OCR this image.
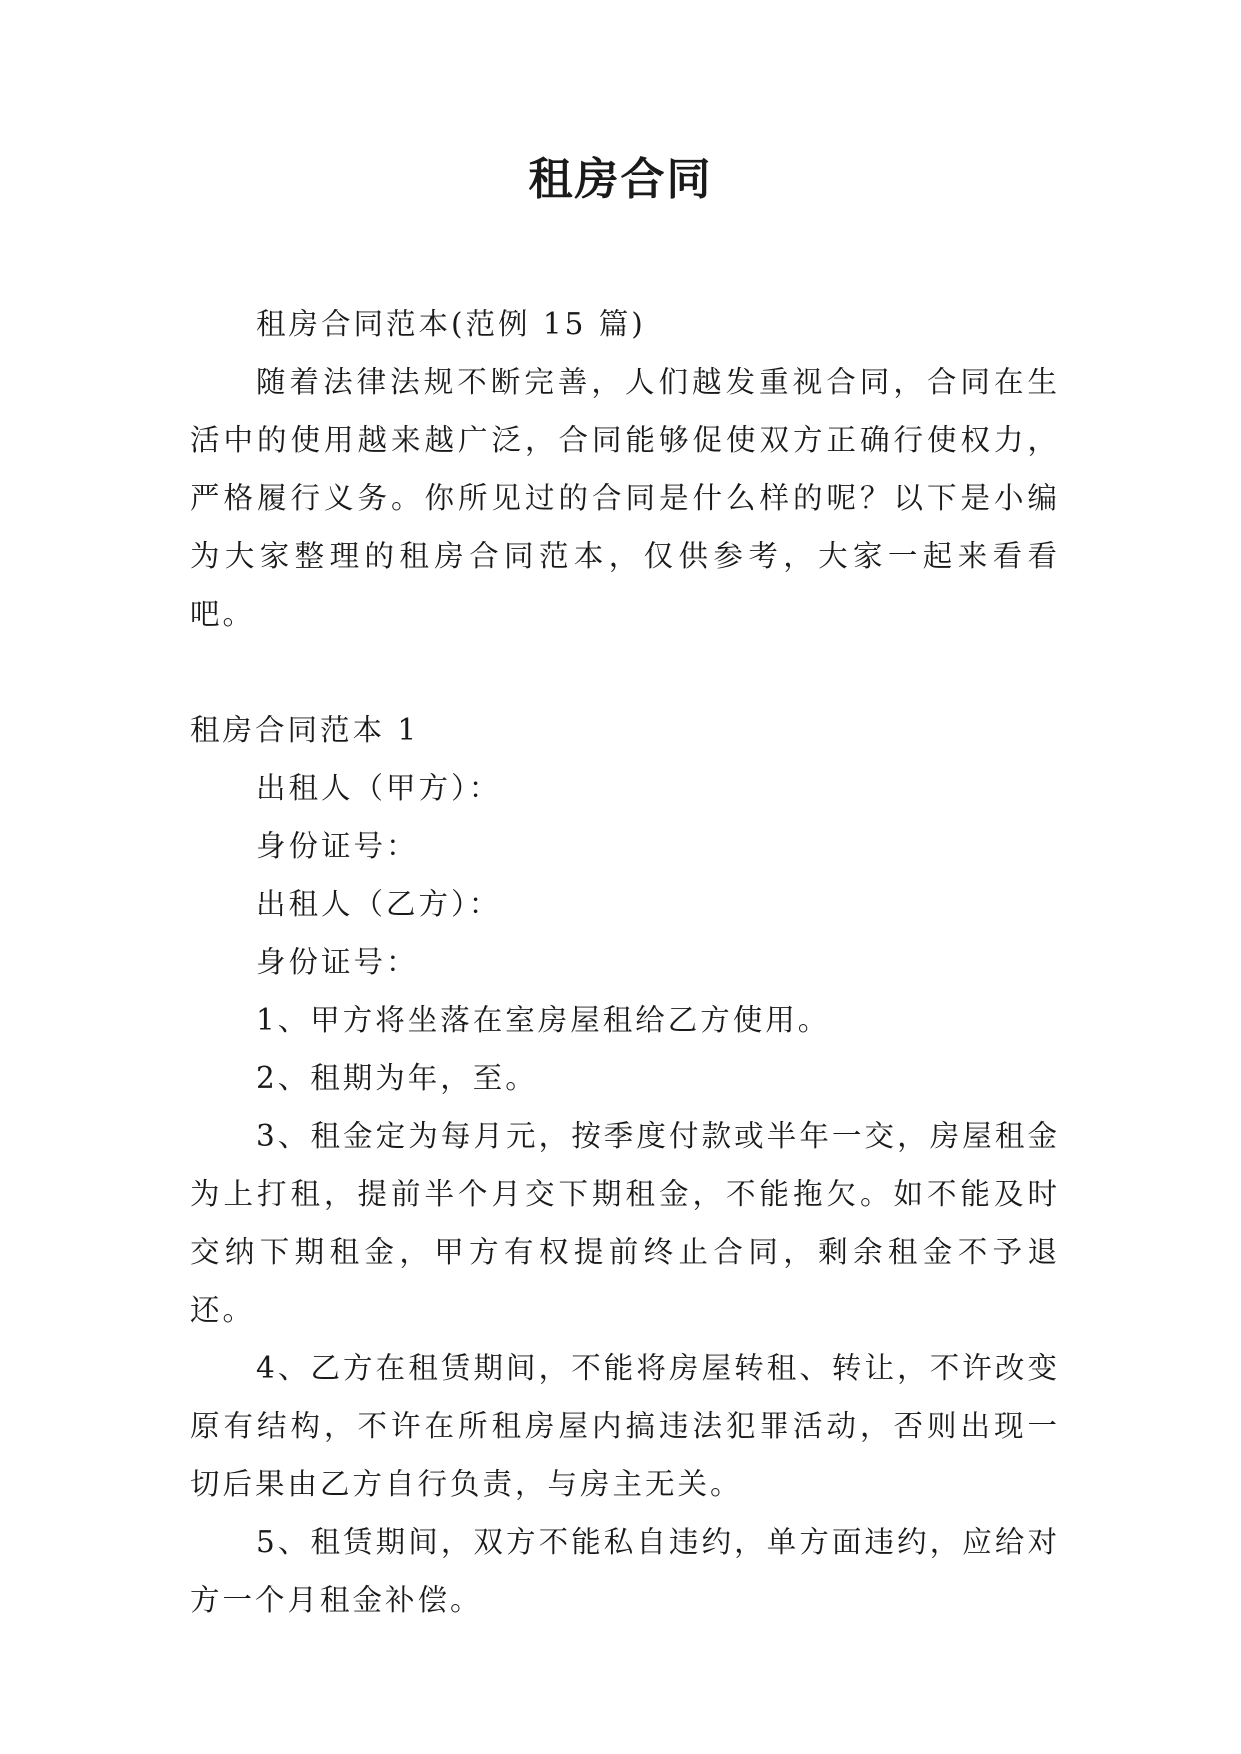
租房合同

租房合同范本(范例 15 篇)

随着法律法规不断完善，人们越发重视合同，合同在生活中的使用越来越广泛，合同能够促使双方正确行使权力，严格履行义务。你所见过的合同是什么样的呢？以下是小编为大家整理的租房合同范本，仅供参考，大家一起来看看吧。

租房合同范本 1

出租人（甲方）：

身份证号：

出租人（乙方）：

身份证号：

1、甲方将坐落在室房屋租给乙方使用。

2、租期为年，至。

3、租金定为每月元，按季度付款或半年一交，房屋租金为上打租，提前半个月交下期租金，不能拖欠。如不能及时交纳下期租金，甲方有权提前终止合同，剩余租金不予退还。

4、乙方在租赁期间，不能将房屋转租、转让，不许改变原有结构，不许在所租房屋内搞违法犯罪活动，否则出现一切后果由乙方自行负责，与房主无关。

5、租赁期间，双方不能私自违约，单方面违约，应给对方一个月租金补偿。
